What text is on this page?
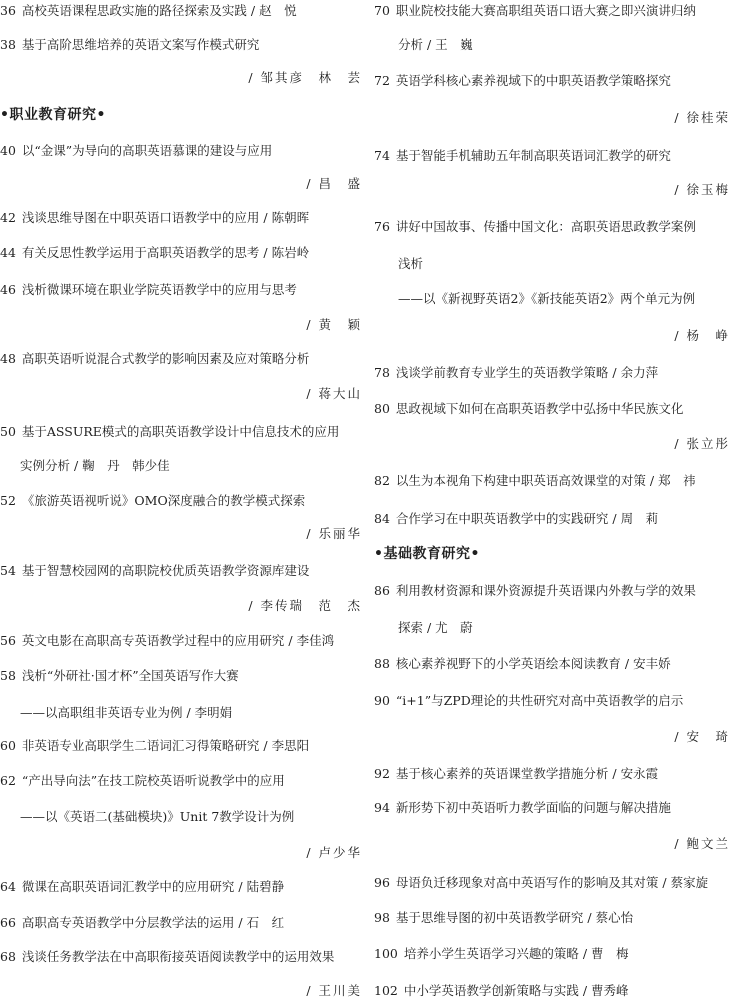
36 高校英语课程思政实施的路径探索及实践 / 赵　悦
38 基于高阶思维培养的英语文案写作模式研究
/ 邹其彦　林　芸
•职业教育研究•
40 以“金课”为导向的高职英语慕课的建设与应用
/ 昌　盛
42 浅谈思维导图在中职英语口语教学中的应用 / 陈朝晖
44 有关反思性教学运用于高职英语教学的思考 / 陈岩岭
46 浅析微课环境在职业学院英语教学中的应用与思考
/ 黄　颖
48 高职英语听说混合式教学的影响因素及应对策略分析
/ 蒋大山
50 基于ASSURE模式的高职英语教学设计中信息技术的应用
实例分析 / 鞠　丹　韩少佳
52 《旅游英语视听说》OMO深度融合的教学模式探索
/ 乐丽华
54 基于智慧校园网的高职院校优质英语教学资源库建设
/ 李传瑞　范　杰
56 英文电影在高职高专英语教学过程中的应用研究 / 李佳鸿
58 浅析“外研社·国才杯”全国英语写作大赛
——以高职组非英语专业为例 / 李明娟
60 非英语专业高职学生二语词汇习得策略研究 / 李思阳
62 “产出导向法”在技工院校英语听说教学中的应用
——以《英语二(基础模块)》Unit 7教学设计为例
/ 卢少华
64 微课在高职英语词汇教学中的应用研究 / 陆碧静
66 高职高专英语教学中分层教学法的运用 / 石　红
68 浅谈任务教学法在中高职衔接英语阅读教学中的运用效果
/ 王川美
70 职业院校技能大赛高职组英语口语大赛之即兴演讲归纳
分析 / 王　巍
72 英语学科核心素养视域下的中职英语教学策略探究
/ 徐桂荣
74 基于智能手机辅助五年制高职英语词汇教学的研究
/ 徐玉梅
76 讲好中国故事、传播中国文化：高职英语思政教学案例
浅析
——以《新视野英语2》《新技能英语2》两个单元为例
/ 杨　峥
78 浅谈学前教育专业学生的英语教学策略 / 余力萍
80 思政视域下如何在高职英语教学中弘扬中华民族文化
/ 张立彤
82 以生为本视角下构建中职英语高效课堂的对策 / 郑　祎
84 合作学习在中职英语教学中的实践研究 / 周　莉
•基础教育研究•
86 利用教材资源和课外资源提升英语课内外教与学的效果
探索 / 尤　蔚
88 核心素养视野下的小学英语绘本阅读教育 / 安丰娇
90 “i+1”与ZPD理论的共性研究对高中英语教学的启示
/ 安　琦
92 基于核心素养的英语课堂教学措施分析 / 安永霞
94 新形势下初中英语听力教学面临的问题与解决措施
/ 鲍文兰
96 母语负迁移现象对高中英语写作的影响及其对策 / 蔡家旋
98 基于思维导图的初中英语教学研究 / 蔡心怡
100 培养小学生英语学习兴趣的策略 / 曹　梅
102 中小学英语教学创新策略与实践 / 曹秀峰
